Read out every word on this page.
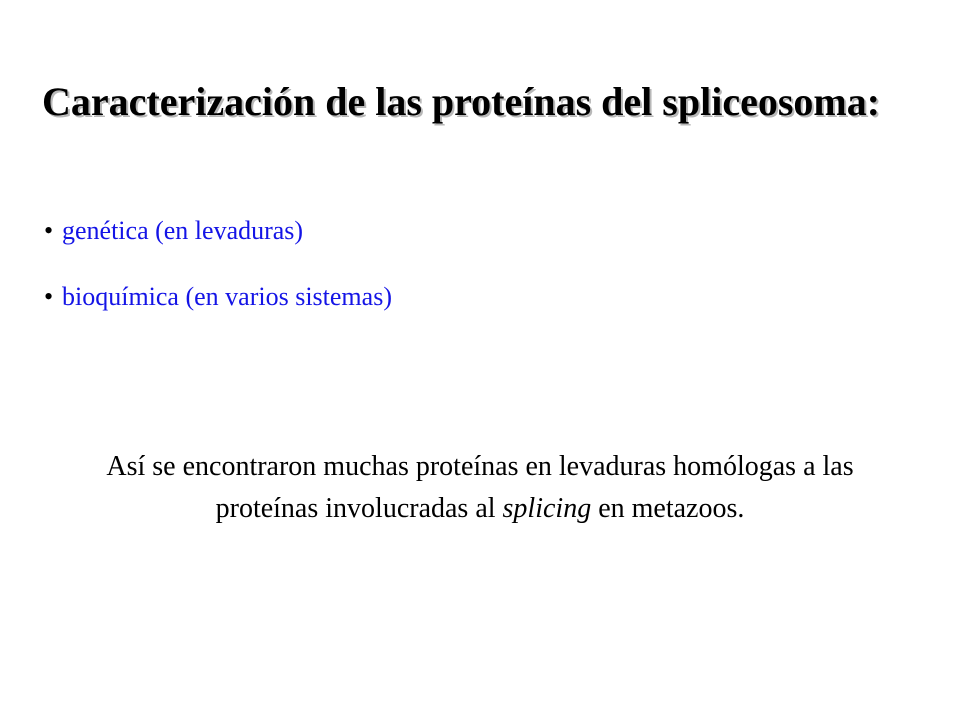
Caracterización de las proteínas del spliceosoma:
• genética (en levaduras)
• bioquímica (en varios sistemas)

Así se encontraron muchas proteínas en levaduras homólogas a las proteínas involucradas al splicing en metazoos.
